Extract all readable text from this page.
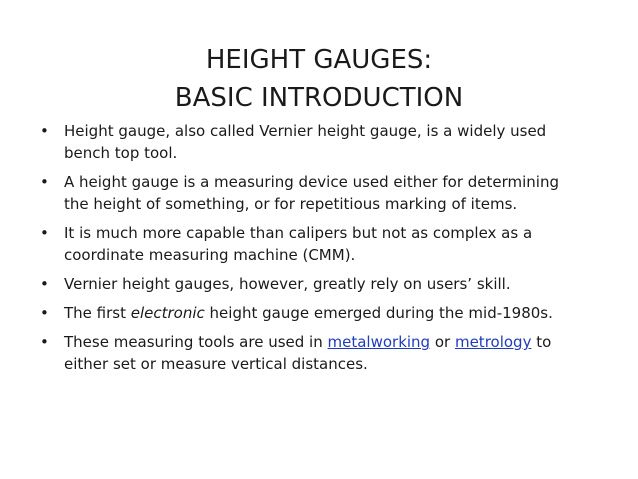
HEIGHT GAUGES:
BASIC INTRODUCTION
•	Height gauge, also called Vernier height gauge, is a widely used bench top tool.
•	A height gauge is a measuring device used either for determining the height of something, or for repetitious marking of items.
•	It is much more capable than calipers but not as complex as a coordinate measuring machine (CMM).
•	Vernier height gauges, however, greatly rely on users’ skill.
•	The first electronic height gauge emerged during the mid-1980s.
•	These measuring tools are used in metalworking or metrology to either set or measure vertical distances.
